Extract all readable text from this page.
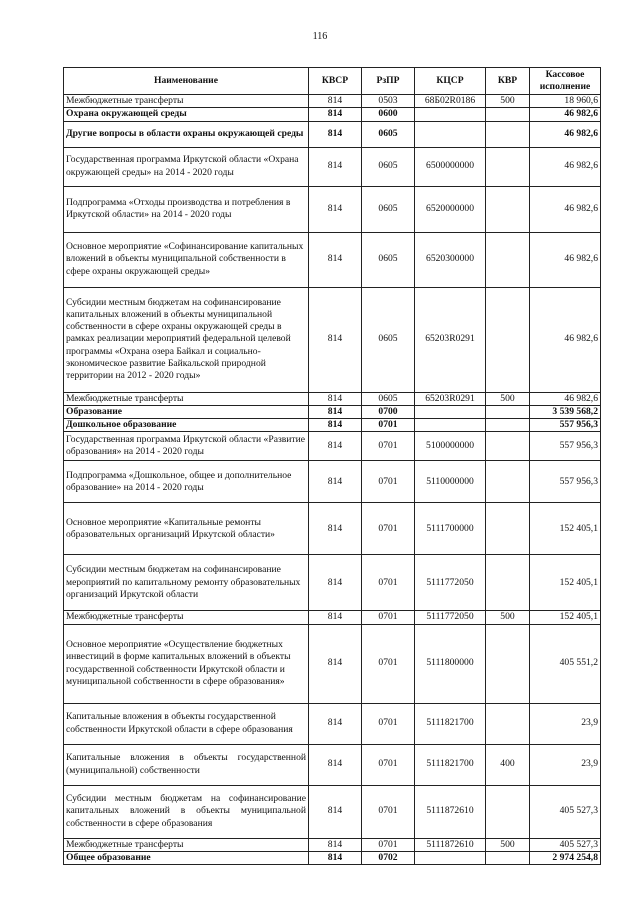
116
Наименование	КВСР	РзПР	КЦСР	КВР	Кассовое исполнение
Межбюджетные трансферты	814	0503	68Б02R0186	500	18 960,6
Охрана окружающей среды	814	0600			46 982,6
Другие вопросы в области охраны окружающей среды	814	0605			46 982,6
Государственная программа Иркутской области «Охрана окружающей среды» на 2014 - 2020 годы	814	0605	6500000000		46 982,6
Подпрограмма «Отходы производства и потребления в Иркутской области» на 2014 - 2020 годы	814	0605	6520000000		46 982,6
Основное мероприятие «Софинансирование капитальных вложений в объекты муниципальной собственности в сфере охраны окружающей среды»	814	0605	6520300000		46 982,6
Субсидии местным бюджетам на софинансирование капитальных вложений в объекты муниципальной собственности в сфере охраны окружающей среды в рамках реализации мероприятий федеральной целевой программы «Охрана озера Байкал и социально-экономическое развитие Байкальской природной территории на 2012 - 2020 годы»	814	0605	65203R0291		46 982,6
Межбюджетные трансферты	814	0605	65203R0291	500	46 982,6
Образование	814	0700			3 539 568,2
Дошкольное образование	814	0701			557 956,3
Государственная программа Иркутской области «Развитие образования» на 2014 - 2020 годы	814	0701	5100000000		557 956,3
Подпрограмма «Дошкольное, общее и дополнительное образование» на 2014 - 2020 годы	814	0701	5110000000		557 956,3
Основное мероприятие «Капитальные ремонты образовательных организаций Иркутской области»	814	0701	5111700000		152 405,1
Субсидии местным бюджетам на софинансирование мероприятий по капитальному ремонту образовательных организаций Иркутской области	814	0701	5111772050		152 405,1
Межбюджетные трансферты	814	0701	5111772050	500	152 405,1
Основное мероприятие «Осуществление бюджетных инвестиций в форме капитальных вложений в объекты государственной собственности Иркутской области и муниципальной собственности в сфере образования»	814	0701	5111800000		405 551,2
Капитальные вложения в объекты государственной собственности Иркутской области в сфере образования	814	0701	5111821700		23,9
Капитальные вложения в объекты государственной (муниципальной) собственности	814	0701	5111821700	400	23,9
Субсидии местным бюджетам на софинансирование капитальных вложений в объекты муниципальной собственности в сфере образования	814	0701	5111872610		405 527,3
Межбюджетные трансферты	814	0701	5111872610	500	405 527,3
Общее образование	814	0702			2 974 254,8
